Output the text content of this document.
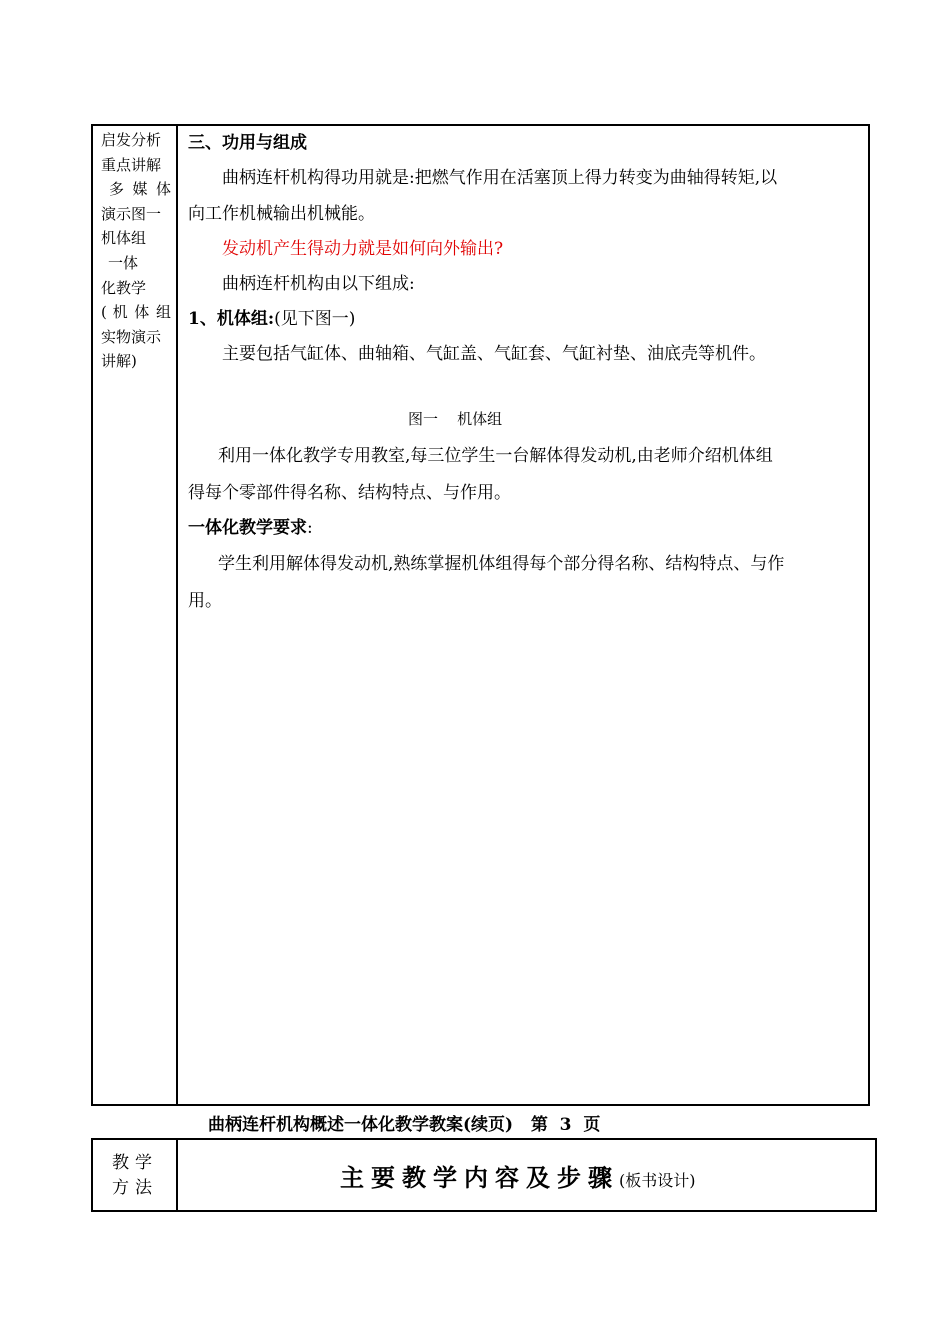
启发分析
重点讲解
多 媒 体
演示图一
机体组
一体
化教学
( 机 体 组
实物演示
讲解)
三、功用与组成
曲柄连杆机构得功用就是:把燃气作用在活塞顶上得力转变为曲轴得转矩,以
向工作机械输出机械能。
发动机产生得动力就是如何向外输出?
曲柄连杆机构由以下组成:
1、机体组:(见下图一)
主要包括气缸体、曲轴箱、气缸盖、气缸套、气缸衬垫、油底壳等机件。
图一    机体组
利用一体化教学专用教室,每三位学生一台解体得发动机,由老师介绍机体组
得每个零部件得名称、结构特点、与作用。
一体化教学要求:
学生利用解体得发动机,熟练掌握机体组得每个部分得名称、结构特点、与作
用。
曲柄连杆机构概述一体化教学教案(续页)   第  3  页
教学
方法	主要教学内容及步骤(板书设计)
